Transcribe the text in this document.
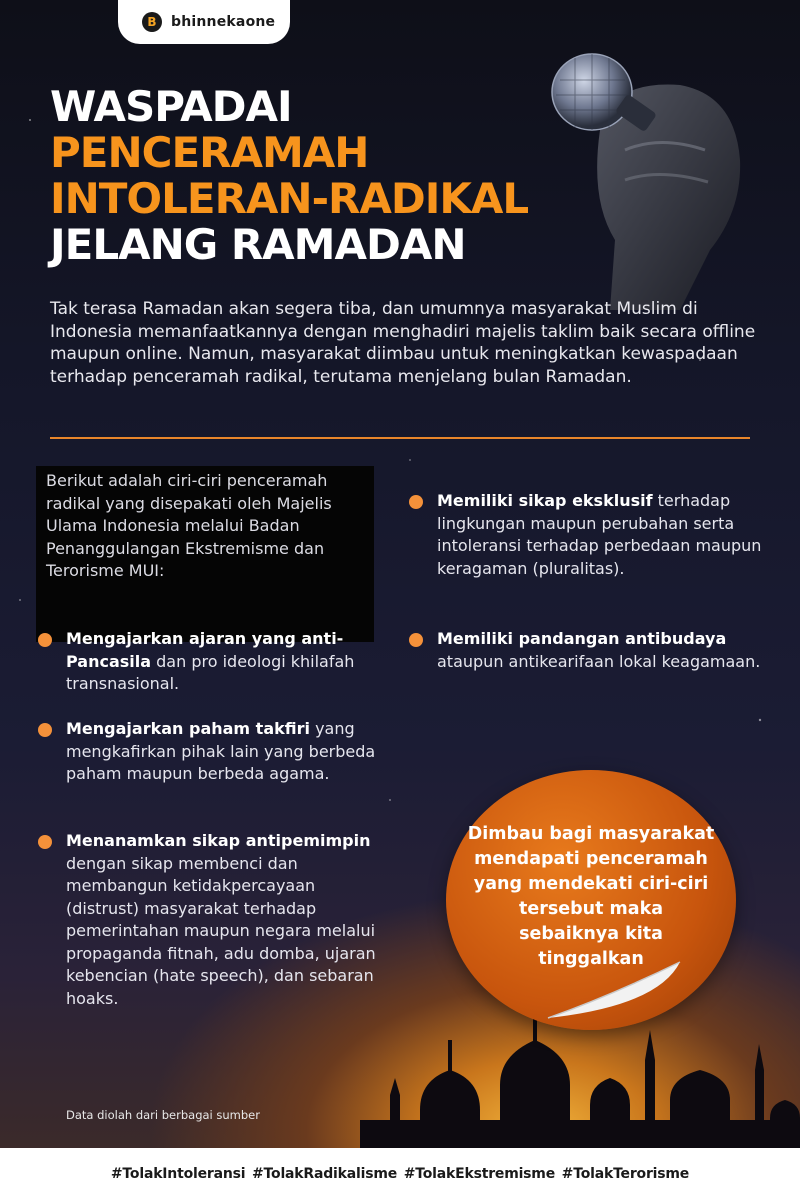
B	bhinnekaone
WASPADAI
PENCERAMAH
INTOLERAN-RADIKAL
JELANG RAMADAN

Tak terasa Ramadan akan segera tiba, dan umumnya masyarakat Muslim di Indonesia memanfaatkannya dengan menghadiri majelis taklim baik secara offline maupun online. Namun, masyarakat diimbau untuk meningkatkan kewaspadaan terhadap penceramah radikal, terutama menjelang bulan Ramadan.

Berikut adalah ciri-ciri penceramah radikal yang disepakati oleh Majelis Ulama Indonesia melalui Badan Penanggulangan Ekstremisme dan Terorisme MUI:

Mengajarkan ajaran yang anti-Pancasila dan pro ideologi khilafah transnasional.

Mengajarkan paham takfiri yang mengkafirkan pihak lain yang berbeda paham maupun berbeda agama.

Menanamkan sikap antipemimpin dengan sikap membenci dan membangun ketidakpercayaan (distrust) masyarakat terhadap pemerintahan maupun negara melalui propaganda fitnah, adu domba, ujaran kebencian (hate speech), dan sebaran hoaks.

Memiliki sikap eksklusif terhadap lingkungan maupun perubahan serta intoleransi terhadap perbedaan maupun keragaman (pluralitas).

Memiliki pandangan antibudaya ataupun antikearifaan lokal keagamaan.

Dimbau bagi masyarakat mendapati penceramah yang mendekati ciri-ciri tersebut maka sebaiknya kita tinggalkan

Data diolah dari berbagai sumber

#TolakIntoleransi #TolakRadikalisme #TolakEkstremisme #TolakTerorisme
